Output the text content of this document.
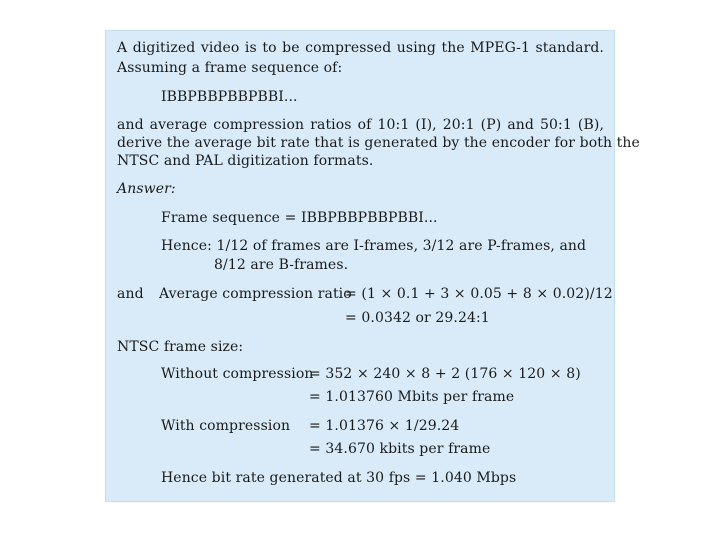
A digitized video is to be compressed using the MPEG-1 standard.
Assuming a frame sequence of:
IBBPBBPBBPBBI...
and average compression ratios of 10:1 (I), 20:1 (P) and 50:1 (B),
derive the average bit rate that is generated by the encoder for both the
NTSC and PAL digitization formats.
Answer:
Frame sequence = IBBPBBPBBPBBI...
Hence: 1/12 of frames are I-frames, 3/12 are P-frames, and
8/12 are B-frames.
and Average compression ratio
= (1 × 0.1 + 3 × 0.05 + 8 × 0.02)/12
= 0.0342 or 29.24:1
NTSC frame size:
Without compression
= 352 × 240 × 8 + 2 (176 × 120 × 8)
= 1.013760 Mbits per frame
With compression = 1.01376 × 1/29.24
= 34.670 kbits per frame
Hence bit rate generated at 30 fps = 1.040 Mbps
